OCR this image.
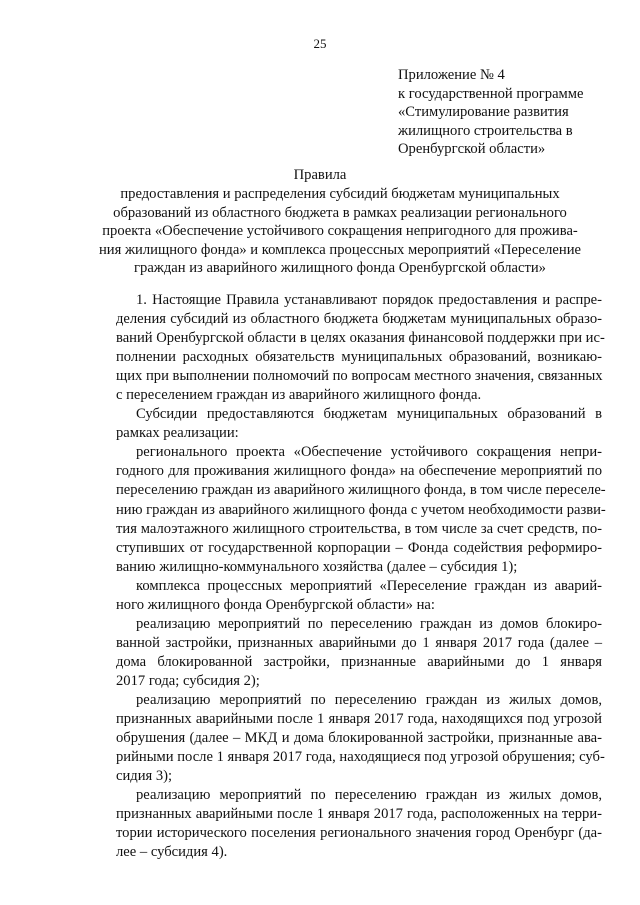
25
Приложение № 4
к государственной программе
«Стимулирование развития
жилищного строительства в
Оренбургской области»
Правила
предоставления и распределения субсидий бюджетам муниципальных
образований из областного бюджета в рамках реализации регионального
проекта «Обеспечение устойчивого сокращения непригодного для прожива-
ния жилищного фонда» и комплекса процессных мероприятий «Переселение
граждан из аварийного жилищного фонда Оренбургской области»
1. Настоящие Правила устанавливают порядок предоставления и распре-
деления субсидий из областного бюджета бюджетам муниципальных образо-
ваний Оренбургской области в целях оказания финансовой поддержки при ис-
полнении расходных обязательств муниципальных образований, возникаю-
щих при выполнении полномочий по вопросам местного значения, связанных
с переселением граждан из аварийного жилищного фонда.
Субсидии предоставляются бюджетам муниципальных образований в
рамках реализации:
регионального проекта «Обеспечение устойчивого сокращения непри-
годного для проживания жилищного фонда» на обеспечение мероприятий по
переселению граждан из аварийного жилищного фонда, в том числе переселе-
нию граждан из аварийного жилищного фонда с учетом необходимости разви-
тия малоэтажного жилищного строительства, в том числе за счет средств, по-
ступивших от государственной корпорации – Фонда содействия реформиро-
ванию жилищно-коммунального хозяйства (далее – субсидия 1);
комплекса процессных мероприятий «Переселение граждан из аварий-
ного жилищного фонда Оренбургской области» на:
реализацию мероприятий по переселению граждан из домов блокиро-
ванной застройки, признанных аварийными до 1 января 2017 года (далее –
дома блокированной застройки, признанные аварийными до 1 января
2017 года; субсидия 2);
реализацию мероприятий по переселению граждан из жилых домов,
признанных аварийными после 1 января 2017 года, находящихся под угрозой
обрушения (далее – МКД и дома блокированной застройки, признанные ава-
рийными после 1 января 2017 года, находящиеся под угрозой обрушения; суб-
сидия 3);
реализацию мероприятий по переселению граждан из жилых домов,
признанных аварийными после 1 января 2017 года, расположенных на терри-
тории исторического поселения регионального значения город Оренбург (да-
лее – субсидия 4).
